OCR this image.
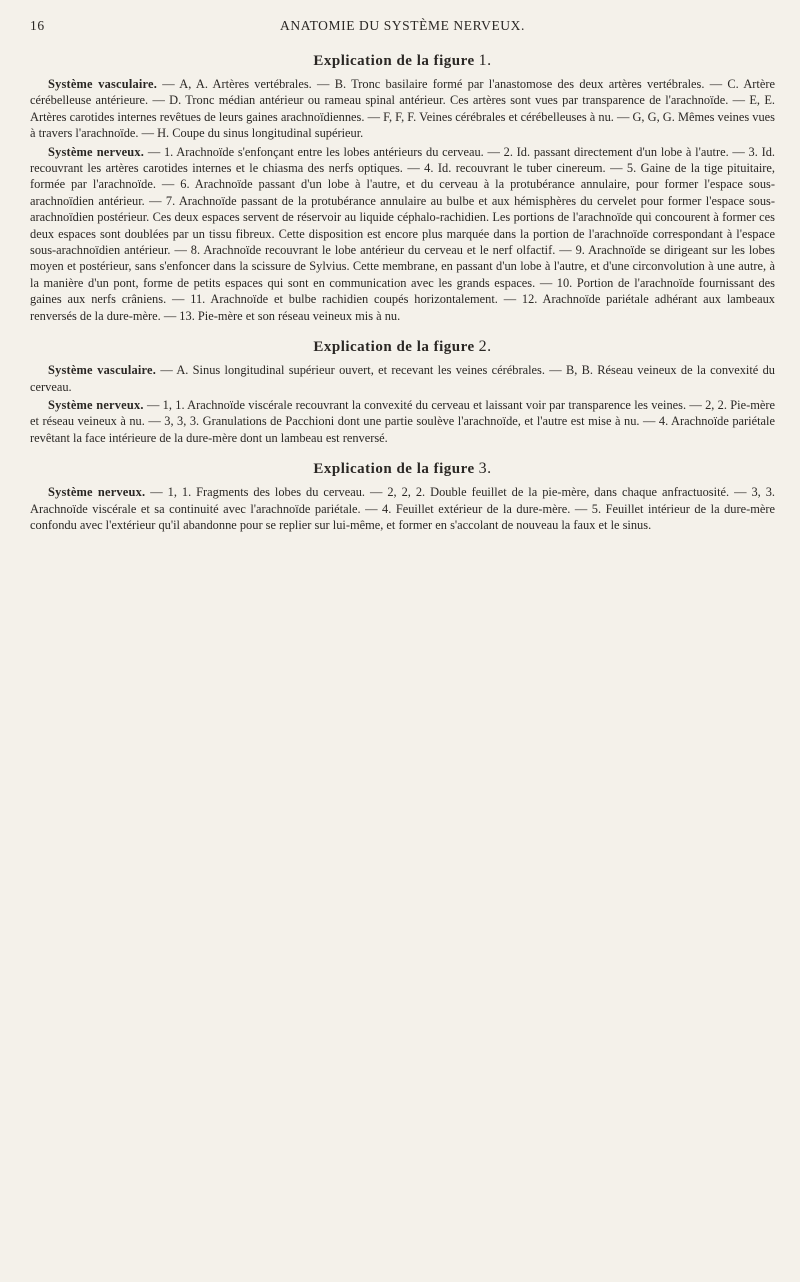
16	ANATOMIE DU SYSTÈME NERVEUX.
Explication de la figure 1.

Système vasculaire. — A, A. Artères vertébrales. — B. Tronc basilaire formé par l'anastomose des deux artères vertébrales. — C. Artère cérébelleuse antérieure. — D. Tronc médian antérieur ou rameau spinal antérieur. Ces artères sont vues par transparence de l'arachnoïde. — E, E. Artères carotides internes revêtues de leurs gaines arachnoïdiennes. — F, F, F. Veines cérébrales et cérébelleuses à nu. — G, G, G. Mêmes veines vues à travers l'arachnoïde. — H. Coupe du sinus longitudinal supérieur.

Système nerveux. — 1. Arachnoïde s'enfonçant entre les lobes antérieurs du cerveau. — 2. Id. passant directement d'un lobe à l'autre. — 3. Id. recouvrant les artères carotides internes et le chiasma des nerfs optiques. — 4. Id. recouvrant le tuber cinereum. — 5. Gaine de la tige pituitaire, formée par l'arachnoïde. — 6. Arachnoïde passant d'un lobe à l'autre, et du cerveau à la protubérance annulaire, pour former l'espace sous-arachnoïdien antérieur. — 7. Arachnoïde passant de la protubérance annulaire au bulbe et aux hémisphères du cervelet pour former l'espace sous-arachnoïdien postérieur. Ces deux espaces servent de réservoir au liquide céphalo-rachidien. Les portions de l'arachnoïde qui concourent à former ces deux espaces sont doublées par un tissu fibreux. Cette disposition est encore plus marquée dans la portion de l'arachnoïde correspondant à l'espace sous-arachnoïdien antérieur. — 8. Arachnoïde recouvrant le lobe antérieur du cerveau et le nerf olfactif. — 9. Arachnoïde se dirigeant sur les lobes moyen et postérieur, sans s'enfoncer dans la scissure de Sylvius. Cette membrane, en passant d'un lobe à l'autre, et d'une circonvolution à une autre, à la manière d'un pont, forme de petits espaces qui sont en communication avec les grands espaces. — 10. Portion de l'arachnoïde fournissant des gaines aux nerfs crâniens. — 11. Arachnoïde et bulbe rachidien coupés horizontalement. — 12. Arachnoïde pariétale adhérant aux lambeaux renversés de la dure-mère. — 13. Pie-mère et son réseau veineux mis à nu.

Explication de la figure 2.

Système vasculaire. — A. Sinus longitudinal supérieur ouvert, et recevant les veines cérébrales. — B, B. Réseau veineux de la convexité du cerveau.

Système nerveux. — 1, 1. Arachnoïde viscérale recouvrant la convexité du cerveau et laissant voir par transparence les veines. — 2, 2. Pie-mère et réseau veineux à nu. — 3, 3, 3. Granulations de Pacchioni dont une partie soulève l'arachnoïde, et l'autre est mise à nu. — 4. Arachnoïde pariétale revêtant la face intérieure de la dure-mère dont un lambeau est renversé.

Explication de la figure 3.

Système nerveux. — 1, 1. Fragments des lobes du cerveau. — 2, 2, 2. Double feuillet de la pie-mère, dans chaque anfractuosité. — 3, 3. Arachnoïde viscérale et sa continuité avec l'arachnoïde pariétale. — 4. Feuillet extérieur de la dure-mère. — 5. Feuillet intérieur de la dure-mère confondu avec l'extérieur qu'il abandonne pour se replier sur lui-même, et former en s'accolant de nouveau la faux et le sinus.
